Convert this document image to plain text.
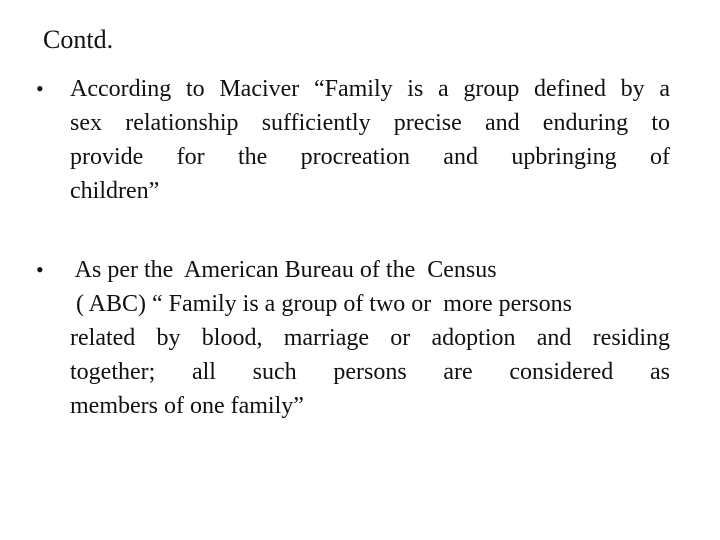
Contd.
•	According to Maciver “Family is a group defined by a
sex relationship sufficiently precise and enduring to
provide for the procreation and upbringing of
children”
•	As per the  American Bureau of the  Census
( ABC) “ Family is a group of two or  more persons
related by blood, marriage or adoption and residing
together; all such persons are considered as
members of one family”
